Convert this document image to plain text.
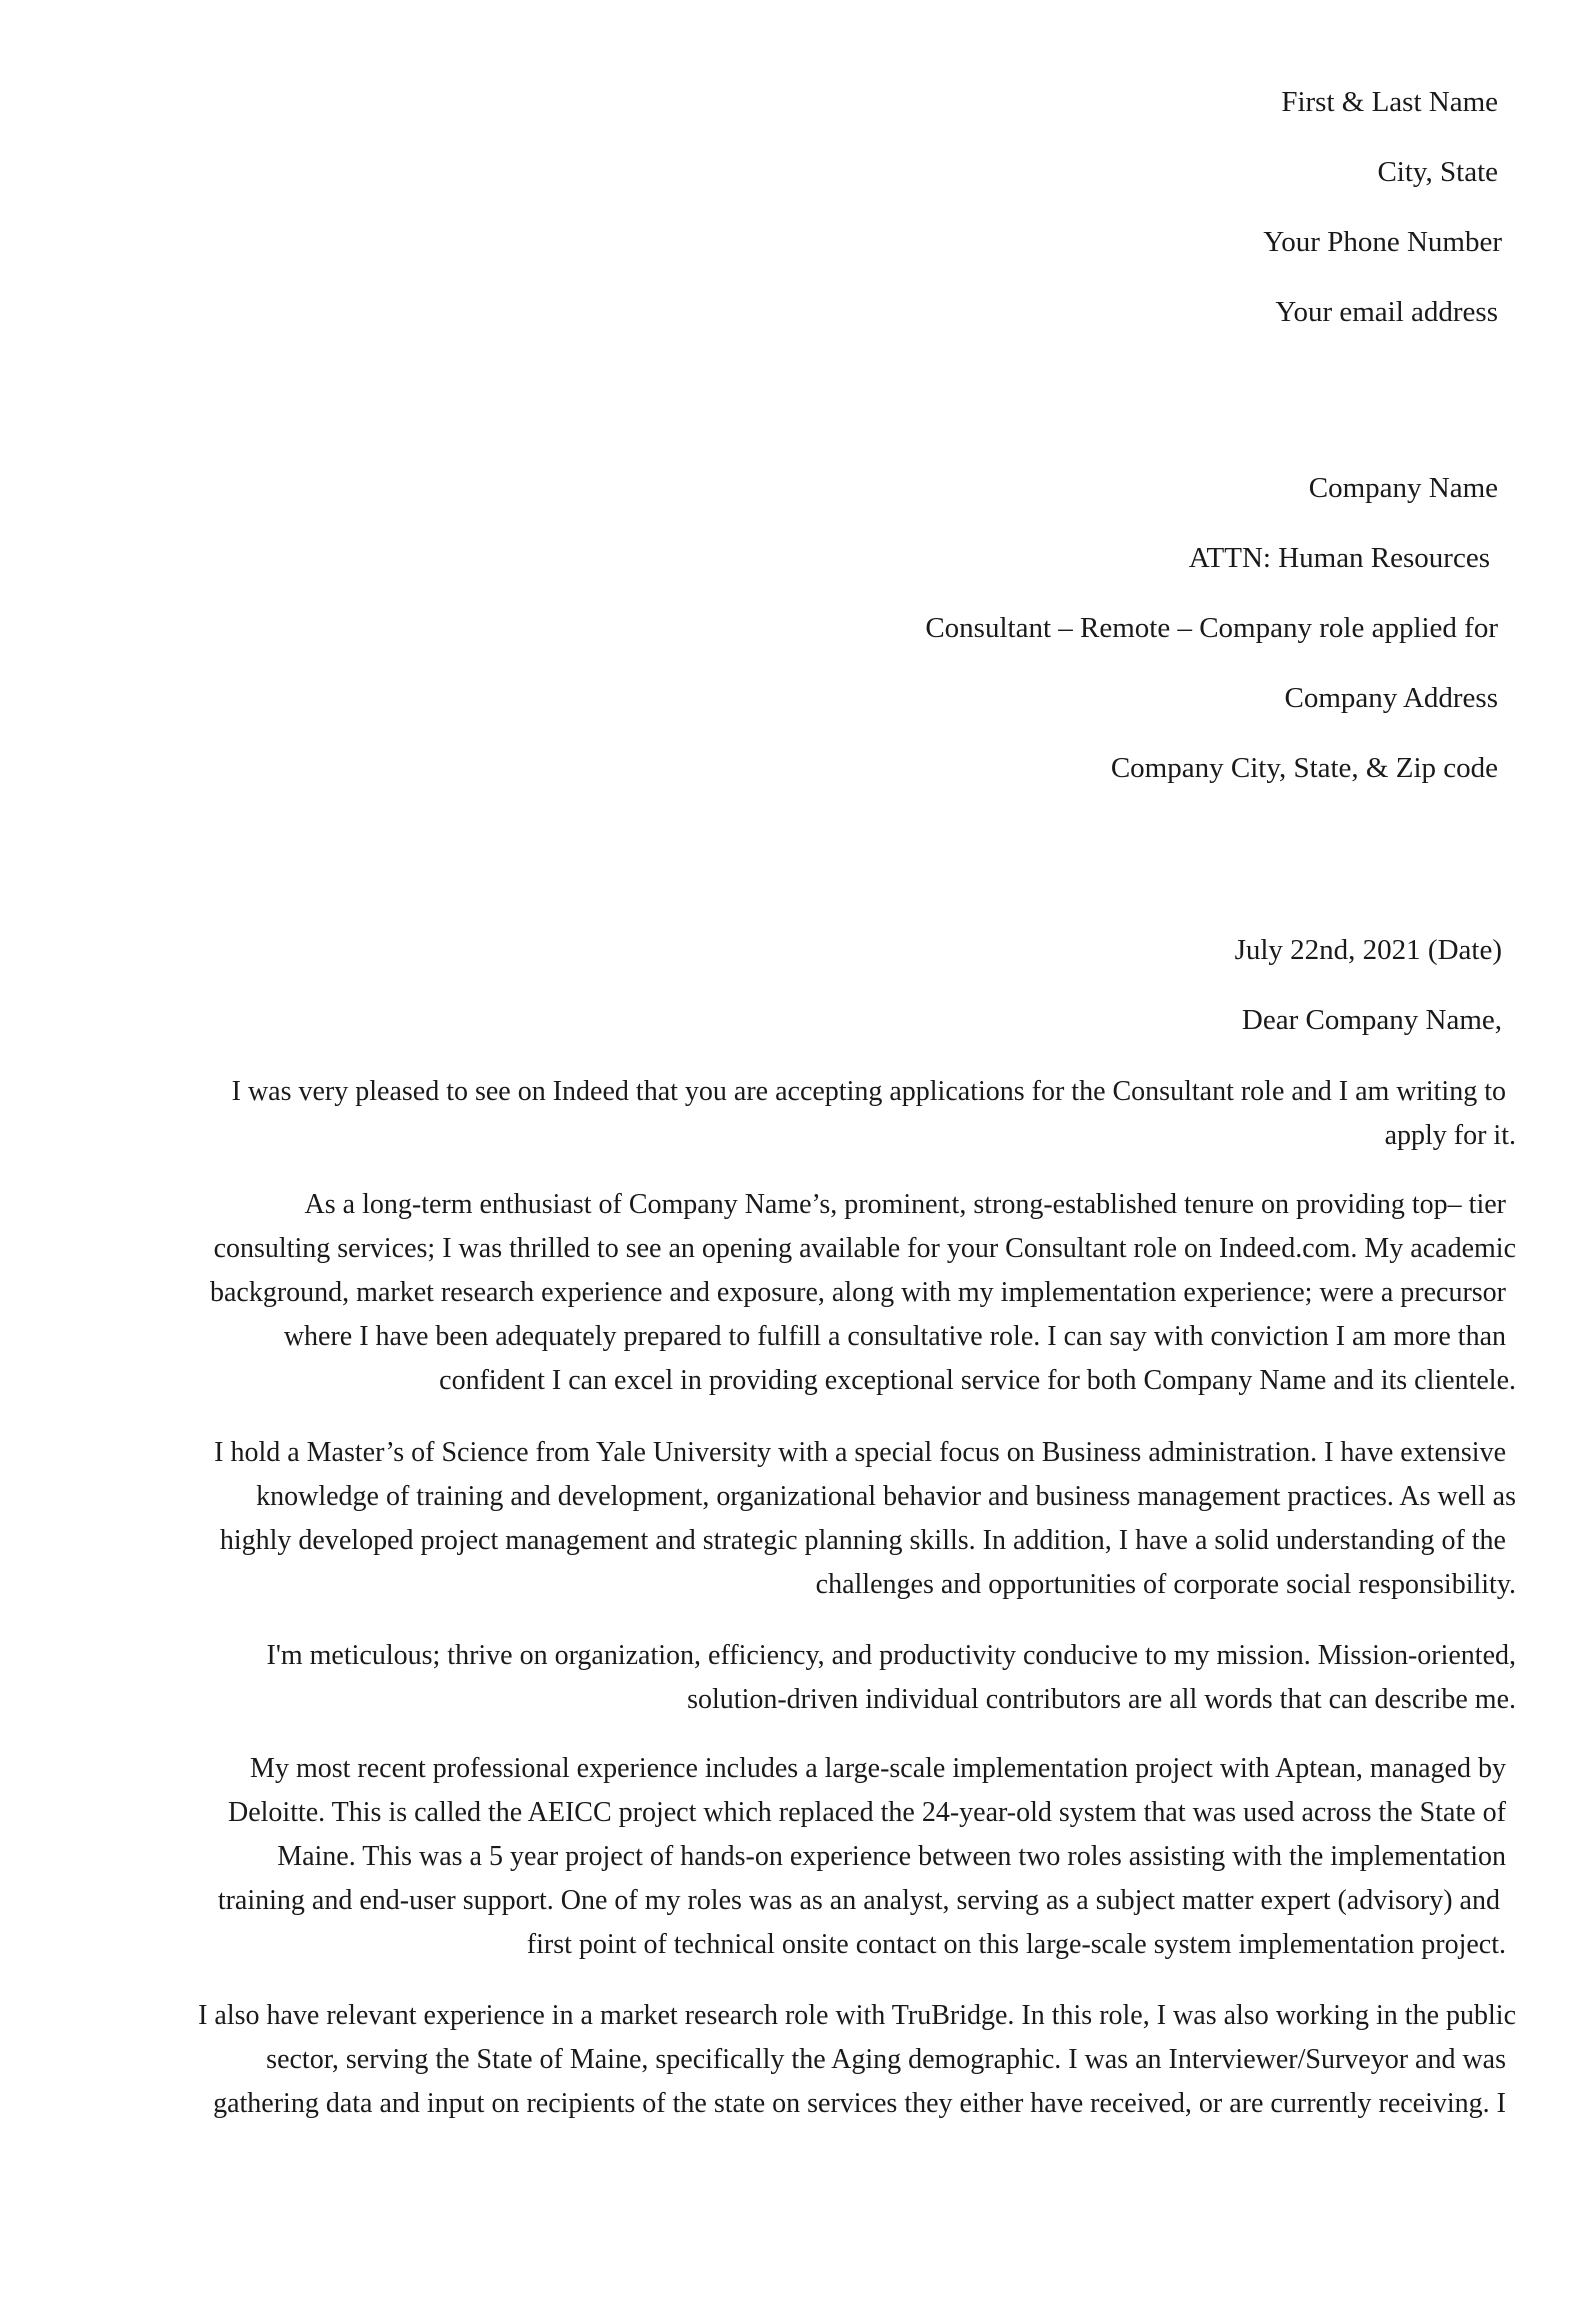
First & Last Name
City, State
Your Phone Number
Your email address
Company Name
ATTN: Human Resources
Consultant – Remote – Company role applied for
Company Address
Company City, State, & Zip code
July 22nd, 2021 (Date)
Dear Company Name,
I was very pleased to see on Indeed that you are accepting applications for the Consultant role and I am writing to
apply for it.
As a long-term enthusiast of Company Name’s, prominent, strong-established tenure on providing top– tier
consulting services; I was thrilled to see an opening available for your Consultant role on Indeed.com. My academic
background, market research experience and exposure, along with my implementation experience; were a precursor
where I have been adequately prepared to fulfill a consultative role. I can say with conviction I am more than
confident I can excel in providing exceptional service for both Company Name and its clientele.
I hold a Master’s of Science from Yale University with a special focus on Business administration. I have extensive
knowledge of training and development, organizational behavior and business management practices. As well as
highly developed project management and strategic planning skills. In addition, I have a solid understanding of the
challenges and opportunities of corporate social responsibility.
I'm meticulous; thrive on organization, efficiency, and productivity conducive to my mission. Mission-oriented,
solution-driven individual contributors are all words that can describe me.
My most recent professional experience includes a large-scale implementation project with Aptean, managed by
Deloitte. This is called the AEICC project which replaced the 24-year-old system that was used across the State of
Maine. This was a 5 year project of hands-on experience between two roles assisting with the implementation
training and end-user support. One of my roles was as an analyst, serving as a subject matter expert (advisory) and
first point of technical onsite contact on this large-scale system implementation project.
I also have relevant experience in a market research role with TruBridge. In this role, I was also working in the public
sector, serving the State of Maine, specifically the Aging demographic. I was an Interviewer/Surveyor and was
gathering data and input on recipients of the state on services they either have received, or are currently receiving. I
